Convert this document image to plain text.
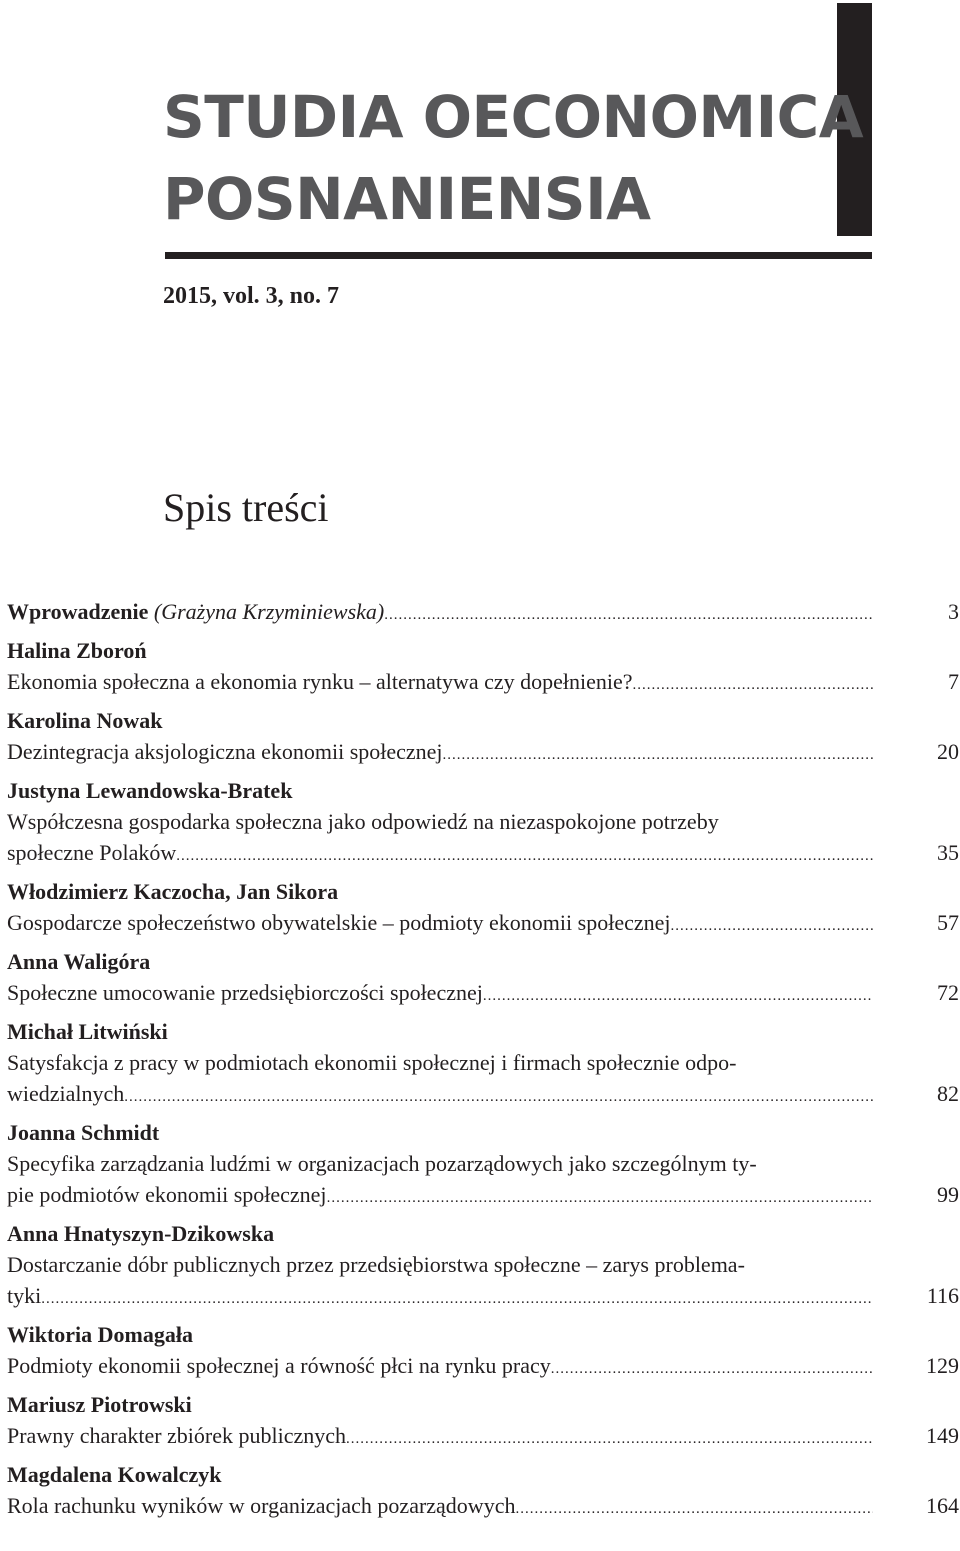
STUDIA OECONOMICA
POSNANIENSIA
2015, vol. 3, no. 7
Spis treści
Wprowadzenie (Grażyna Krzyminiewska) .....	3
Halina Zboroń
Ekonomia społeczna a ekonomia rynku – alternatywa czy dopełnienie? .....	7
Karolina Nowak
Dezintegracja aksjologiczna ekonomii społecznej .....	20
Justyna Lewandowska-Bratek
Współczesna gospodarka społeczna jako odpowiedź na niezaspokojone potrzeby
społeczne Polaków .....	35
Włodzimierz Kaczocha, Jan Sikora
Gospodarcze społeczeństwo obywatelskie – podmioty ekonomii społecznej .....	57
Anna Waligóra
Społeczne umocowanie przedsiębiorczości społecznej .....	72
Michał Litwiński
Satysfakcja z pracy w podmiotach ekonomii społecznej i firmach społecznie odpo-
wiedzialnych .....	82
Joanna Schmidt
Specyfika zarządzania ludźmi w organizacjach pozarządowych jako szczególnym ty-
pie podmiotów ekonomii społecznej .....	99
Anna Hnatyszyn-Dzikowska
Dostarczanie dóbr publicznych przez przedsiębiorstwa społeczne – zarys problema-
tyki .....	116
Wiktoria Domagała
Podmioty ekonomii społecznej a równość płci na rynku pracy .....	129
Mariusz Piotrowski
Prawny charakter zbiórek publicznych .....	149
Magdalena Kowalczyk
Rola rachunku wyników w organizacjach pozarządowych .....	164
